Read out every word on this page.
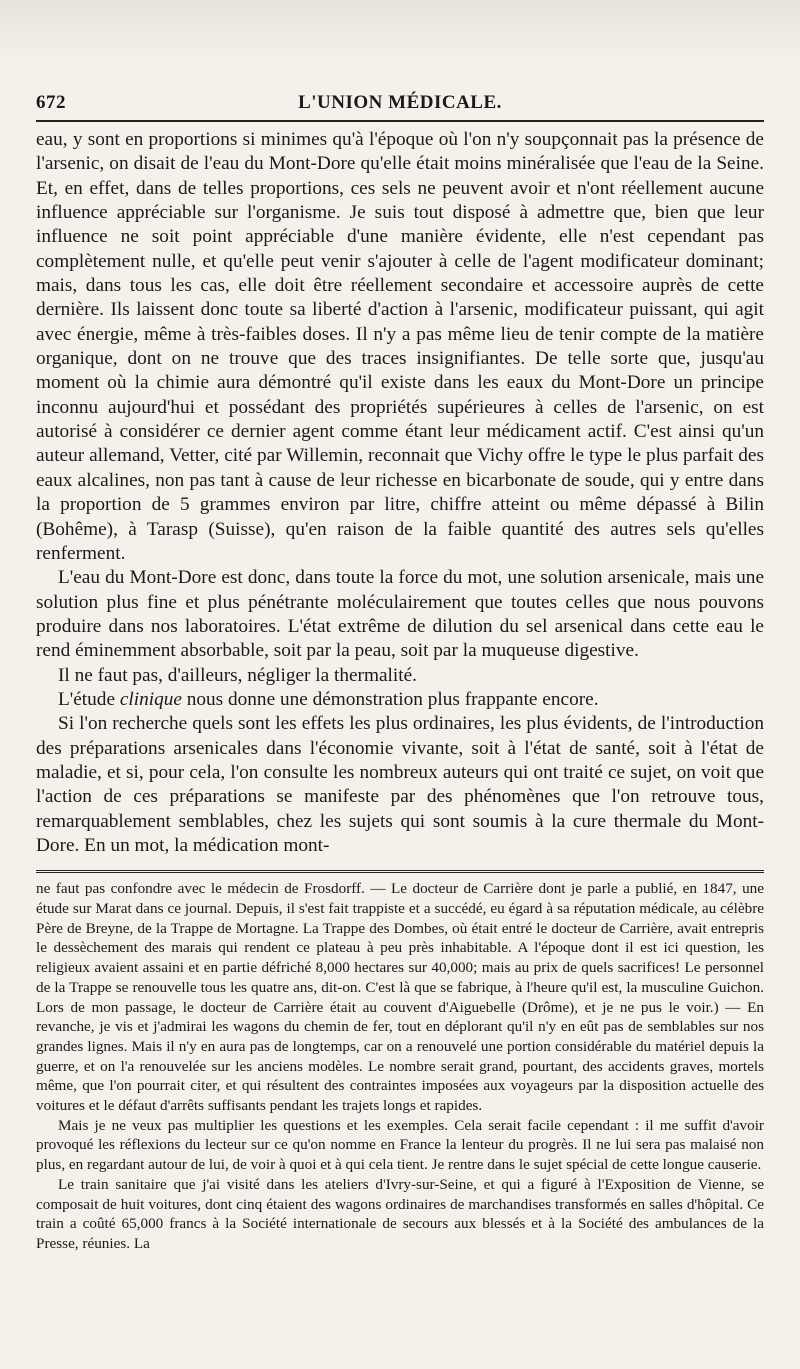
672	L'UNION MÉDICALE.

eau, y sont en proportions si minimes qu'à l'époque où l'on n'y soupçonnait pas la présence de l'arsenic, on disait de l'eau du Mont-Dore qu'elle était moins minéralisée que l'eau de la Seine. Et, en effet, dans de telles proportions, ces sels ne peuvent avoir et n'ont réellement aucune influence appréciable sur l'organisme. Je suis tout disposé à admettre que, bien que leur influence ne soit point appréciable d'une manière évidente, elle n'est cependant pas complètement nulle, et qu'elle peut venir s'ajouter à celle de l'agent modificateur dominant; mais, dans tous les cas, elle doit être réellement secondaire et accessoire auprès de cette dernière. Ils laissent donc toute sa liberté d'action à l'arsenic, modificateur puissant, qui agit avec énergie, même à très-faibles doses. Il n'y a pas même lieu de tenir compte de la matière organique, dont on ne trouve que des traces insignifiantes. De telle sorte que, jusqu'au moment où la chimie aura démontré qu'il existe dans les eaux du Mont-Dore un principe inconnu aujourd'hui et possédant des propriétés supérieures à celles de l'arsenic, on est autorisé à considérer ce dernier agent comme étant leur médicament actif. C'est ainsi qu'un auteur allemand, Vetter, cité par Willemin, reconnait que Vichy offre le type le plus parfait des eaux alcalines, non pas tant à cause de leur richesse en bicarbonate de soude, qui y entre dans la proportion de 5 grammes environ par litre, chiffre atteint ou même dépassé à Bilin (Bohême), à Tarasp (Suisse), qu'en raison de la faible quantité des autres sels qu'elles renferment.

L'eau du Mont-Dore est donc, dans toute la force du mot, une solution arsenicale, mais une solution plus fine et plus pénétrante moléculairement que toutes celles que nous pouvons produire dans nos laboratoires. L'état extrême de dilution du sel arsenical dans cette eau le rend éminemment absorbable, soit par la peau, soit par la muqueuse digestive.

Il ne faut pas, d'ailleurs, négliger la thermalité.

L'étude clinique nous donne une démonstration plus frappante encore.

Si l'on recherche quels sont les effets les plus ordinaires, les plus évidents, de l'introduction des préparations arsenicales dans l'économie vivante, soit à l'état de santé, soit à l'état de maladie, et si, pour cela, l'on consulte les nombreux auteurs qui ont traité ce sujet, on voit que l'action de ces préparations se manifeste par des phénomènes que l'on retrouve tous, remarquablement semblables, chez les sujets qui sont soumis à la cure thermale du Mont-Dore. En un mot, la médication mont-

ne faut pas confondre avec le médecin de Frosdorff. — Le docteur de Carrière dont je parle a publié, en 1847, une étude sur Marat dans ce journal. Depuis, il s'est fait trappiste et a succédé, eu égard à sa réputation médicale, au célèbre Père de Breyne, de la Trappe de Mortagne. La Trappe des Dombes, où était entré le docteur de Carrière, avait entrepris le dessèchement des marais qui rendent ce plateau à peu près inhabitable. A l'époque dont il est ici question, les religieux avaient assaini et en partie défriché 8,000 hectares sur 40,000; mais au prix de quels sacrifices! Le personnel de la Trappe se renouvelle tous les quatre ans, dit-on. C'est là que se fabrique, à l'heure qu'il est, la musculine Guichon. Lors de mon passage, le docteur de Carrière était au couvent d'Aiguebelle (Drôme), et je ne pus le voir.) — En revanche, je vis et j'admirai les wagons du chemin de fer, tout en déplorant qu'il n'y en eût pas de semblables sur nos grandes lignes. Mais il n'y en aura pas de longtemps, car on a renouvelé une portion considérable du matériel depuis la guerre, et on l'a renouvelée sur les anciens modèles. Le nombre serait grand, pourtant, des accidents graves, mortels même, que l'on pourrait citer, et qui résultent des contraintes imposées aux voyageurs par la disposition actuelle des voitures et le défaut d'arrêts suffisants pendant les trajets longs et rapides.

Mais je ne veux pas multiplier les questions et les exemples. Cela serait facile cependant : il me suffit d'avoir provoqué les réflexions du lecteur sur ce qu'on nomme en France la lenteur du progrès. Il ne lui sera pas malaisé non plus, en regardant autour de lui, de voir à quoi et à qui cela tient. Je rentre dans le sujet spécial de cette longue causerie.

Le train sanitaire que j'ai visité dans les ateliers d'Ivry-sur-Seine, et qui a figuré à l'Exposition de Vienne, se composait de huit voitures, dont cinq étaient des wagons ordinaires de marchandises transformés en salles d'hôpital. Ce train a coûté 65,000 francs à la Société internationale de secours aux blessés et à la Société des ambulances de la Presse, réunies. La
